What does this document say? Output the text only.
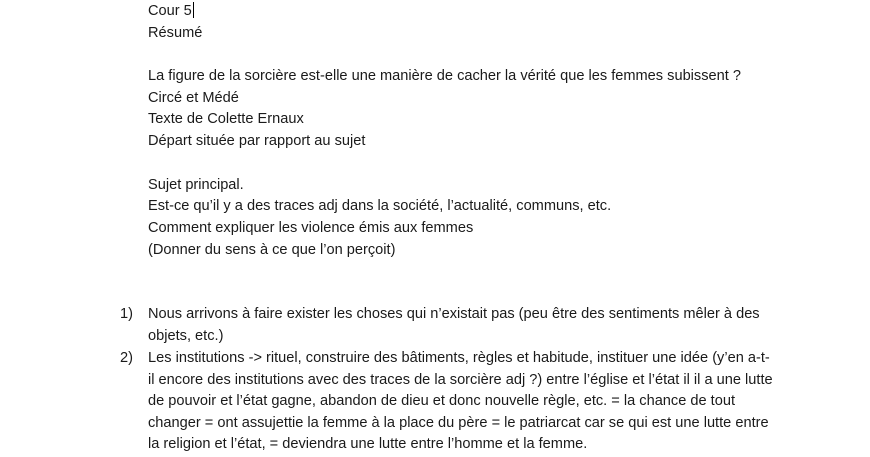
Cour 5
Résumé
La figure de la sorcière est-elle une manière de cacher la vérité que les femmes subissent ?
Circé et Médé
Texte de Colette Ernaux
Départ située par rapport au sujet
Sujet principal.
Est-ce qu’il y a des traces adj dans la société, l’actualité, communs, etc.
Comment expliquer les violence émis aux femmes
(Donner du sens à ce que l’on perçoit)
1) Nous arrivons à faire exister les choses qui n’existait pas (peu être des sentiments mêler à des objets, etc.)
2) Les institutions -> rituel, construire des bâtiments, règles et habitude, instituer une idée (y’en a-t-il encore des institutions avec des traces de la sorcière adj ?) entre l’église et l’état il il a une lutte de pouvoir et l’état gagne, abandon de dieu et donc nouvelle règle, etc. = la chance de tout changer = ont assujettie la femme à la place du père = le patriarcat car se qui est une lutte entre la religion et l’état, = deviendra une lutte entre l’homme et la femme.
